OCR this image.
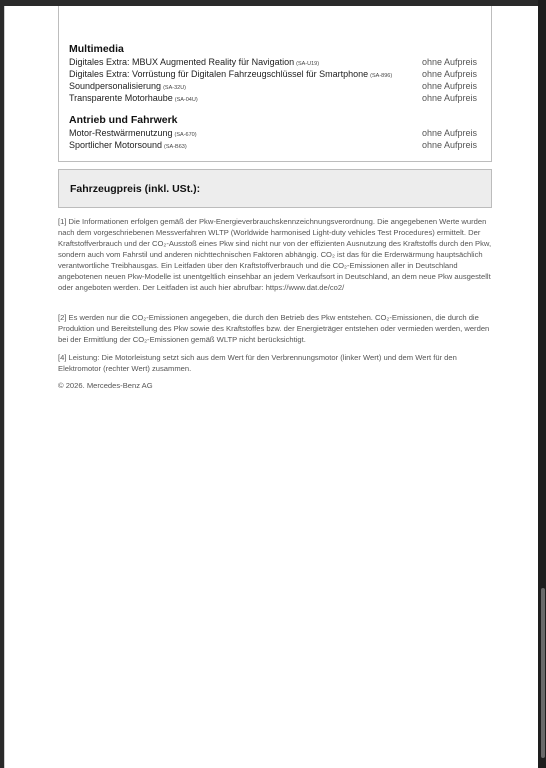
Multimedia
Digitales Extra: MBUX Augmented Reality für Navigation (SA-U19)	ohne Aufpreis
Digitales Extra: Vorrüstung für Digitalen Fahrzeugschlüssel für Smartphone (SA-896)	ohne Aufpreis
Soundpersonalisierung (SA-32U)	ohne Aufpreis
Transparente Motorhaube (SA-04U)	ohne Aufpreis
Antrieb und Fahrwerk
Motor-Restwärmenutzung (SA-670)	ohne Aufpreis
Sportlicher Motorsound (SA-B63)	ohne Aufpreis
Fahrzeugpreis (inkl. USt.):
[1] Die Informationen erfolgen gemäß der Pkw-Energieverbrauchskennzeichnungsverordnung. Die angegebenen Werte wurden nach dem vorgeschriebenen Messverfahren WLTP (Worldwide harmonised Light-duty vehicles Test Procedures) ermittelt. Der Kraftstoffverbrauch und der CO₂-Ausstoß eines Pkw sind nicht nur von der effizienten Ausnutzung des Kraftstoffs durch den Pkw, sondern auch vom Fahrstil und anderen nichttechnischen Faktoren abhängig. CO₂ ist das für die Erderwärmung hauptsächlich verantwortliche Treibhausgas. Ein Leitfaden über den Kraftstoffverbrauch und die CO₂-Emissionen aller in Deutschland angebotenen neuen Pkw-Modelle ist unentgeltlich einsehbar an jedem Verkaufsort in Deutschland, an dem neue Pkw ausgestellt oder angeboten werden. Der Leitfaden ist auch hier abrufbar: https://www.dat.de/co2/
[2] Es werden nur die CO₂-Emissionen angegeben, die durch den Betrieb des Pkw entstehen. CO₂-Emissionen, die durch die Produktion und Bereitstellung des Pkw sowie des Kraftstoffes bzw. der Energieträger entstehen oder vermieden werden, werden bei der Ermittlung der CO₂-Emissionen gemäß WLTP nicht berücksichtigt.
[4] Leistung: Die Motorleistung setzt sich aus dem Wert für den Verbrennungsmotor (linker Wert) und dem Wert für den Elektromotor (rechter Wert) zusammen.
© 2026. Mercedes-Benz AG
